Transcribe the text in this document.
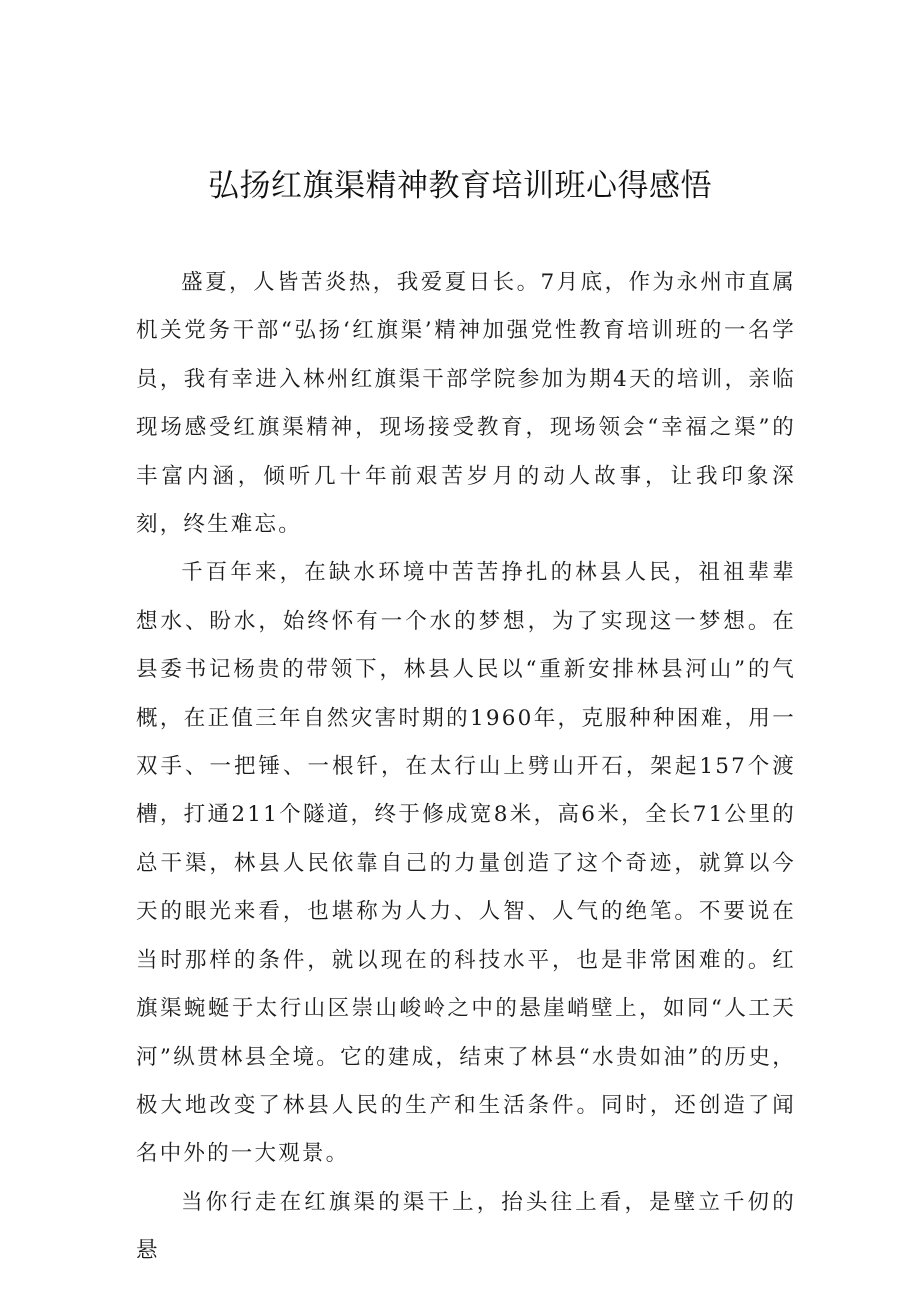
弘扬红旗渠精神教育培训班心得感悟

盛夏，人皆苦炎热，我爱夏日长。7月底，作为永州市直属机关党务干部“弘扬‘红旗渠’精神加强党性教育培训班的一名学员，我有幸进入林州红旗渠干部学院参加为期4天的培训，亲临现场感受红旗渠精神，现场接受教育，现场领会“幸福之渠”的丰富内涵，倾听几十年前艰苦岁月的动人故事，让我印象深刻，终生难忘。

千百年来，在缺水环境中苦苦挣扎的林县人民，祖祖辈辈想水、盼水，始终怀有一个水的梦想，为了实现这一梦想。在县委书记杨贵的带领下，林县人民以“重新安排林县河山”的气概，在正值三年自然灾害时期的1960年，克服种种困难，用一双手、一把锤、一根钎，在太行山上劈山开石，架起157个渡槽，打通211个隧道，终于修成宽8米，高6米，全长71公里的总干渠，林县人民依靠自己的力量创造了这个奇迹，就算以今天的眼光来看，也堪称为人力、人智、人气的绝笔。不要说在当时那样的条件，就以现在的科技水平，也是非常困难的。红旗渠蜿蜒于太行山区崇山峻岭之中的悬崖峭壁上，如同“人工天河”纵贯林县全境。它的建成，结束了林县“水贵如油”的历史，极大地改变了林县人民的生产和生活条件。同时，还创造了闻名中外的一大观景。

当你行走在红旗渠的渠干上，抬头往上看，是壁立千仞的悬
